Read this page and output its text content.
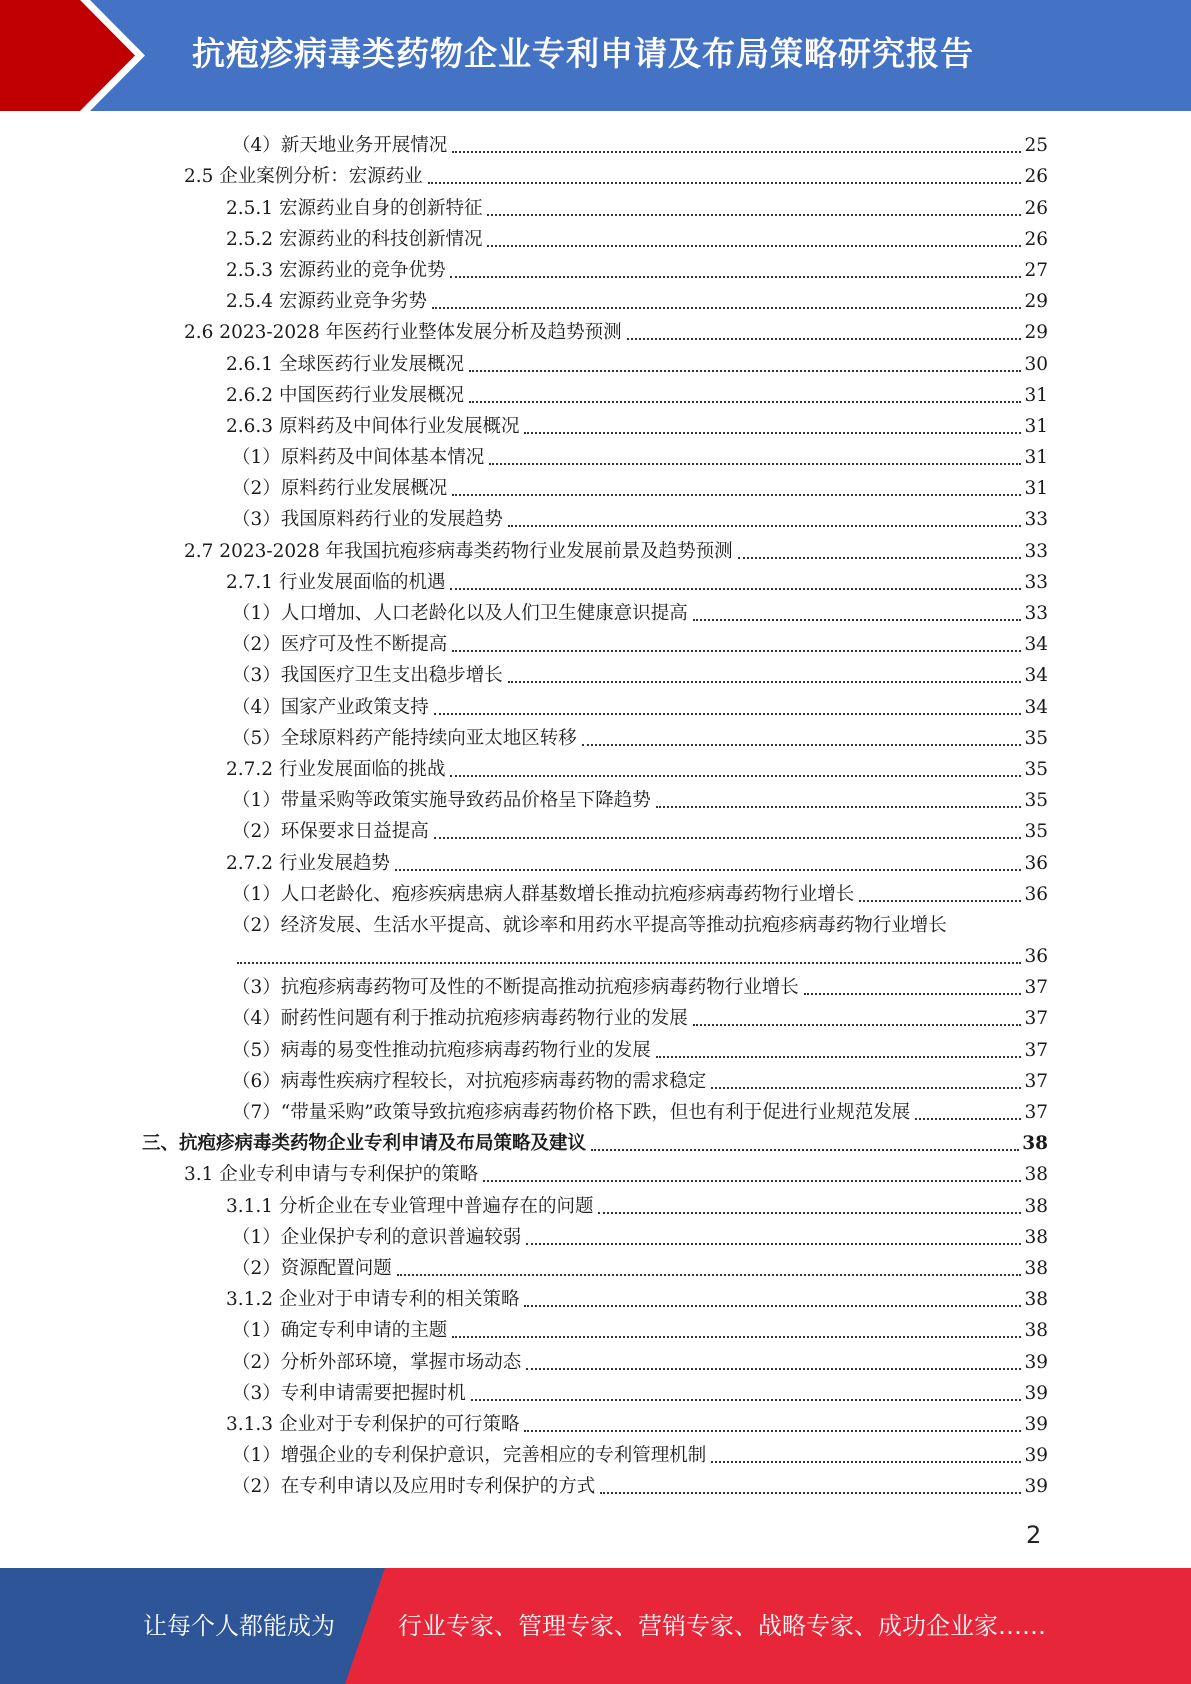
抗疱疹病毒类药物企业专利申请及布局策略研究报告
（4）新天地业务开展情况	25
2.5 企业案例分析：宏源药业	26
2.5.1 宏源药业自身的创新特征	26
2.5.2 宏源药业的科技创新情况	26
2.5.3 宏源药业的竞争优势	27
2.5.4 宏源药业竞争劣势	29
2.6 2023-2028 年医药行业整体发展分析及趋势预测	29
2.6.1 全球医药行业发展概况	30
2.6.2 中国医药行业发展概况	31
2.6.3 原料药及中间体行业发展概况	31
（1）原料药及中间体基本情况	31
（2）原料药行业发展概况	31
（3）我国原料药行业的发展趋势	33
2.7 2023-2028 年我国抗疱疹病毒类药物行业发展前景及趋势预测	33
2.7.1 行业发展面临的机遇	33
（1）人口增加、人口老龄化以及人们卫生健康意识提高	33
（2）医疗可及性不断提高	34
（3）我国医疗卫生支出稳步增长	34
（4）国家产业政策支持	34
（5）全球原料药产能持续向亚太地区转移	35
2.7.2 行业发展面临的挑战	35
（1）带量采购等政策实施导致药品价格呈下降趋势	35
（2）环保要求日益提高	35
2.7.2 行业发展趋势	36
（1）人口老龄化、疱疹疾病患病人群基数增长推动抗疱疹病毒药物行业增长	36
（2）经济发展、生活水平提高、就诊率和用药水平提高等推动抗疱疹病毒药物行业增长
36
（3）抗疱疹病毒药物可及性的不断提高推动抗疱疹病毒药物行业增长	37
（4）耐药性问题有利于推动抗疱疹病毒药物行业的发展	37
（5）病毒的易变性推动抗疱疹病毒药物行业的发展	37
（6）病毒性疾病疗程较长，对抗疱疹病毒药物的需求稳定	37
（7）“带量采购”政策导致抗疱疹病毒药物价格下跌，但也有利于促进行业规范发展	37
三、抗疱疹病毒类药物企业专利申请及布局策略及建议	38
3.1 企业专利申请与专利保护的策略	38
3.1.1 分析企业在专业管理中普遍存在的问题	38
（1）企业保护专利的意识普遍较弱	38
（2）资源配置问题	38
3.1.2 企业对于申请专利的相关策略	38
（1）确定专利申请的主题	38
（2）分析外部环境，掌握市场动态	39
（3）专利申请需要把握时机	39
3.1.3 企业对于专利保护的可行策略	39
（1）增强企业的专利保护意识，完善相应的专利管理机制	39
（2）在专利申请以及应用时专利保护的方式	39
2
让每个人都能成为	行业专家、管理专家、营销专家、战略专家、成功企业家……
